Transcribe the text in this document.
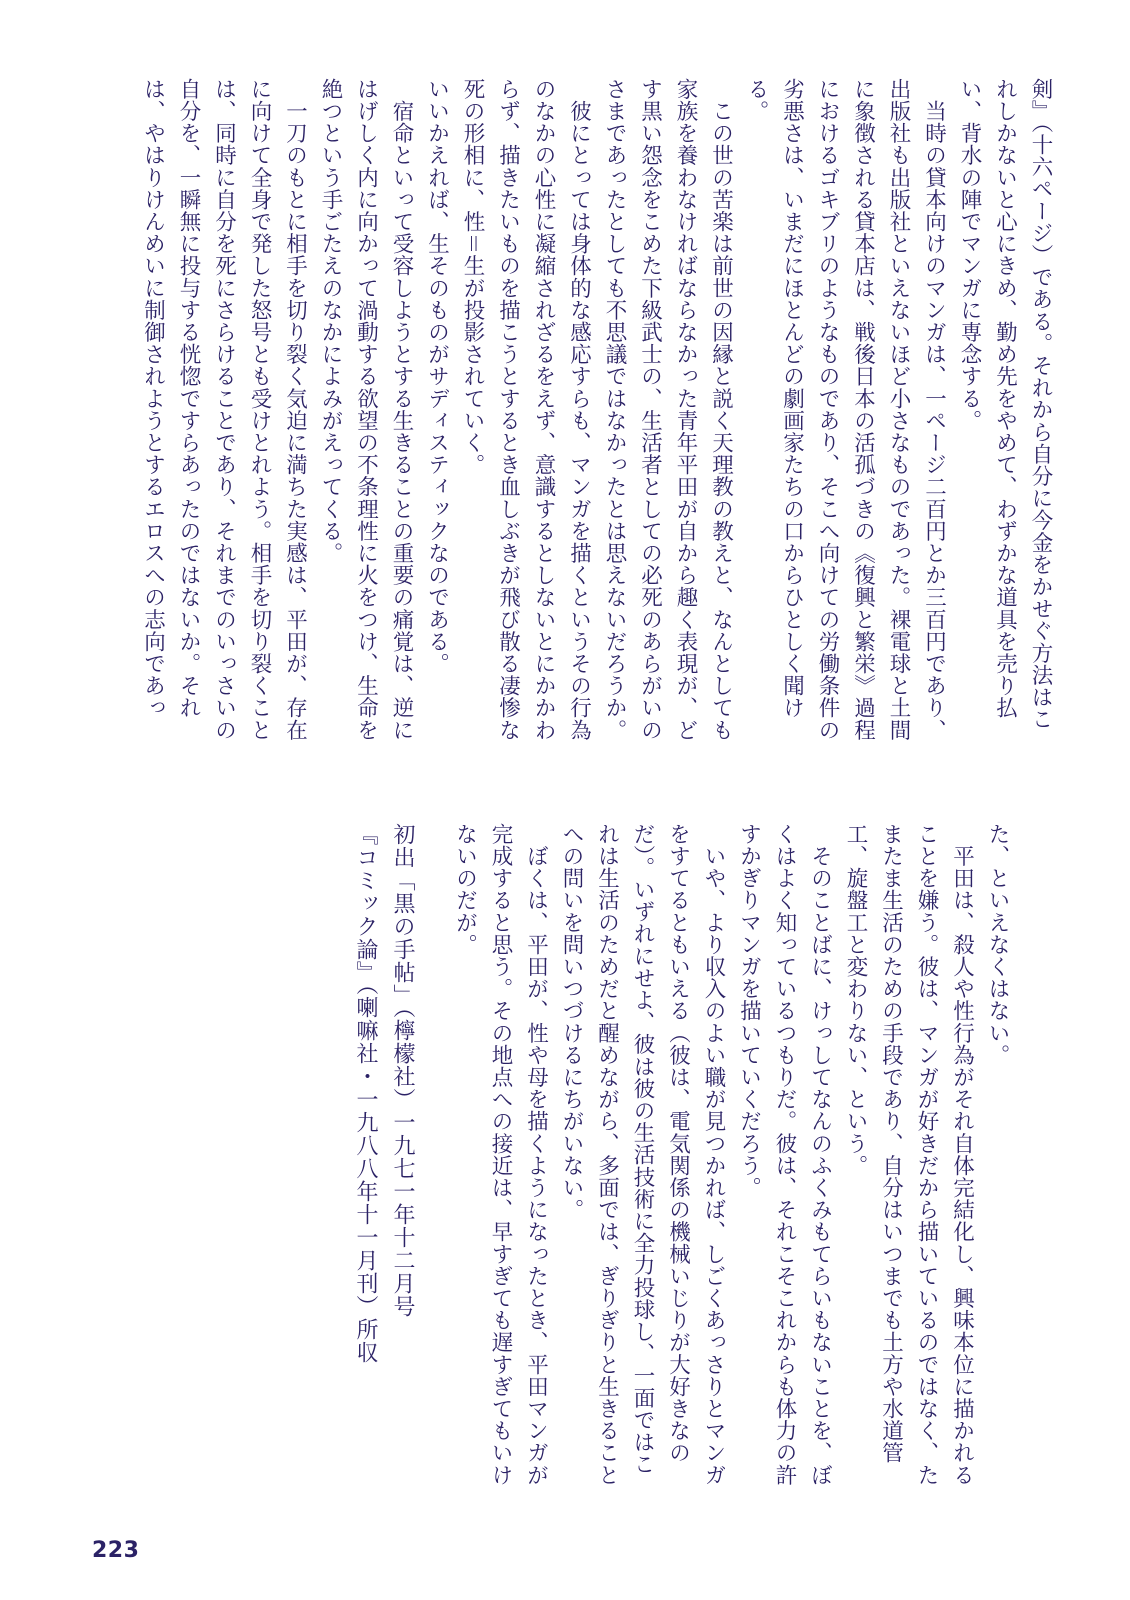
剣』（十六ページ）である。それから自分に今金をかせぐ方法はこ
れしかないと心にきめ、勤め先をやめて、わずかな道具を売り払
い、背水の陣でマンガに専念する。
　当時の貸本向けのマンガは、一ページ二百円とか三百円であり、
出版社も出版社といえないほど小さなものであった。裸電球と土間
に象徴される貸本店は、戦後日本の活孤づきの《復興と繁栄》過程
におけるゴキブリのようなものであり、そこへ向けての労働条件の
劣悪さは、いまだにほとんどの劇画家たちの口からひとしく聞け
る。
　この世の苦楽は前世の因縁と説く天理教の教えと、なんとしても
家族を養わなければならなかった青年平田が自から趣く表現が、ど
す黒い怨念をこめた下級武士の、生活者としての必死のあらがいの
さまであったとしても不思議ではなかったとは思えないだろうか。
　彼にとっては身体的な感応すらも、マンガを描くというその行為
のなかの心性に凝縮されざるをえず、意識するとしないとにかかわ
らず、描きたいものを描こうとするとき血しぶきが飛び散る凄惨な
死の形相に、性＝生が投影されていく。
いいかえれば、生そのものがサディスティックなのである。
　宿命といって受容しようとする生きることの重要の痛覚は、逆に
はげしく内に向かって渦動する欲望の不条理性に火をつけ、生命を
絶つという手ごたえのなかによみがえってくる。
　一刀のもとに相手を切り裂く気迫に満ちた実感は、平田が、存在
に向けて全身で発した怒号とも受けとれよう。相手を切り裂くこと
は、同時に自分を死にさらけることであり、それまでのいっさいの
自分を、一瞬無に投与する恍惚ですらあったのではないか。それ
は、やはりけんめいに制御されようとするエロスへの志向であっ
た、といえなくはない。
　平田は、殺人や性行為がそれ自体完結化し、興味本位に描かれる
ことを嫌う。彼は、マンガが好きだから描いているのではなく、た
またま生活のための手段であり、自分はいつまでも土方や水道管
工、旋盤工と変わりない、という。
　そのことばに、けっしてなんのふくみもてらいもないことを、ぼ
くはよく知っているつもりだ。彼は、それこそこれからも体力の許
すかぎりマンガを描いていくだろう。
　いや、より収入のよい職が見つかれば、しごくあっさりとマンガ
をすてるともいえる（彼は、電気関係の機械いじりが大好きなの
だ）。いずれにせよ、彼は彼の生活技術に全力投球し、一面ではこ
れは生活のためだと醒めながら、多面では、ぎりぎりと生きること
への問いを問いつづけるにちがいない。
　ぼくは、平田が、性や母を描くようになったとき、平田マンガが
完成すると思う。その地点への接近は、早すぎても遅すぎてもいけ
ないのだが。
初出「黒の手帖」（檸檬社）一九七一年十二月号
『コミック論』（喇嘛社・一九八八年十一月刊）所収
223
